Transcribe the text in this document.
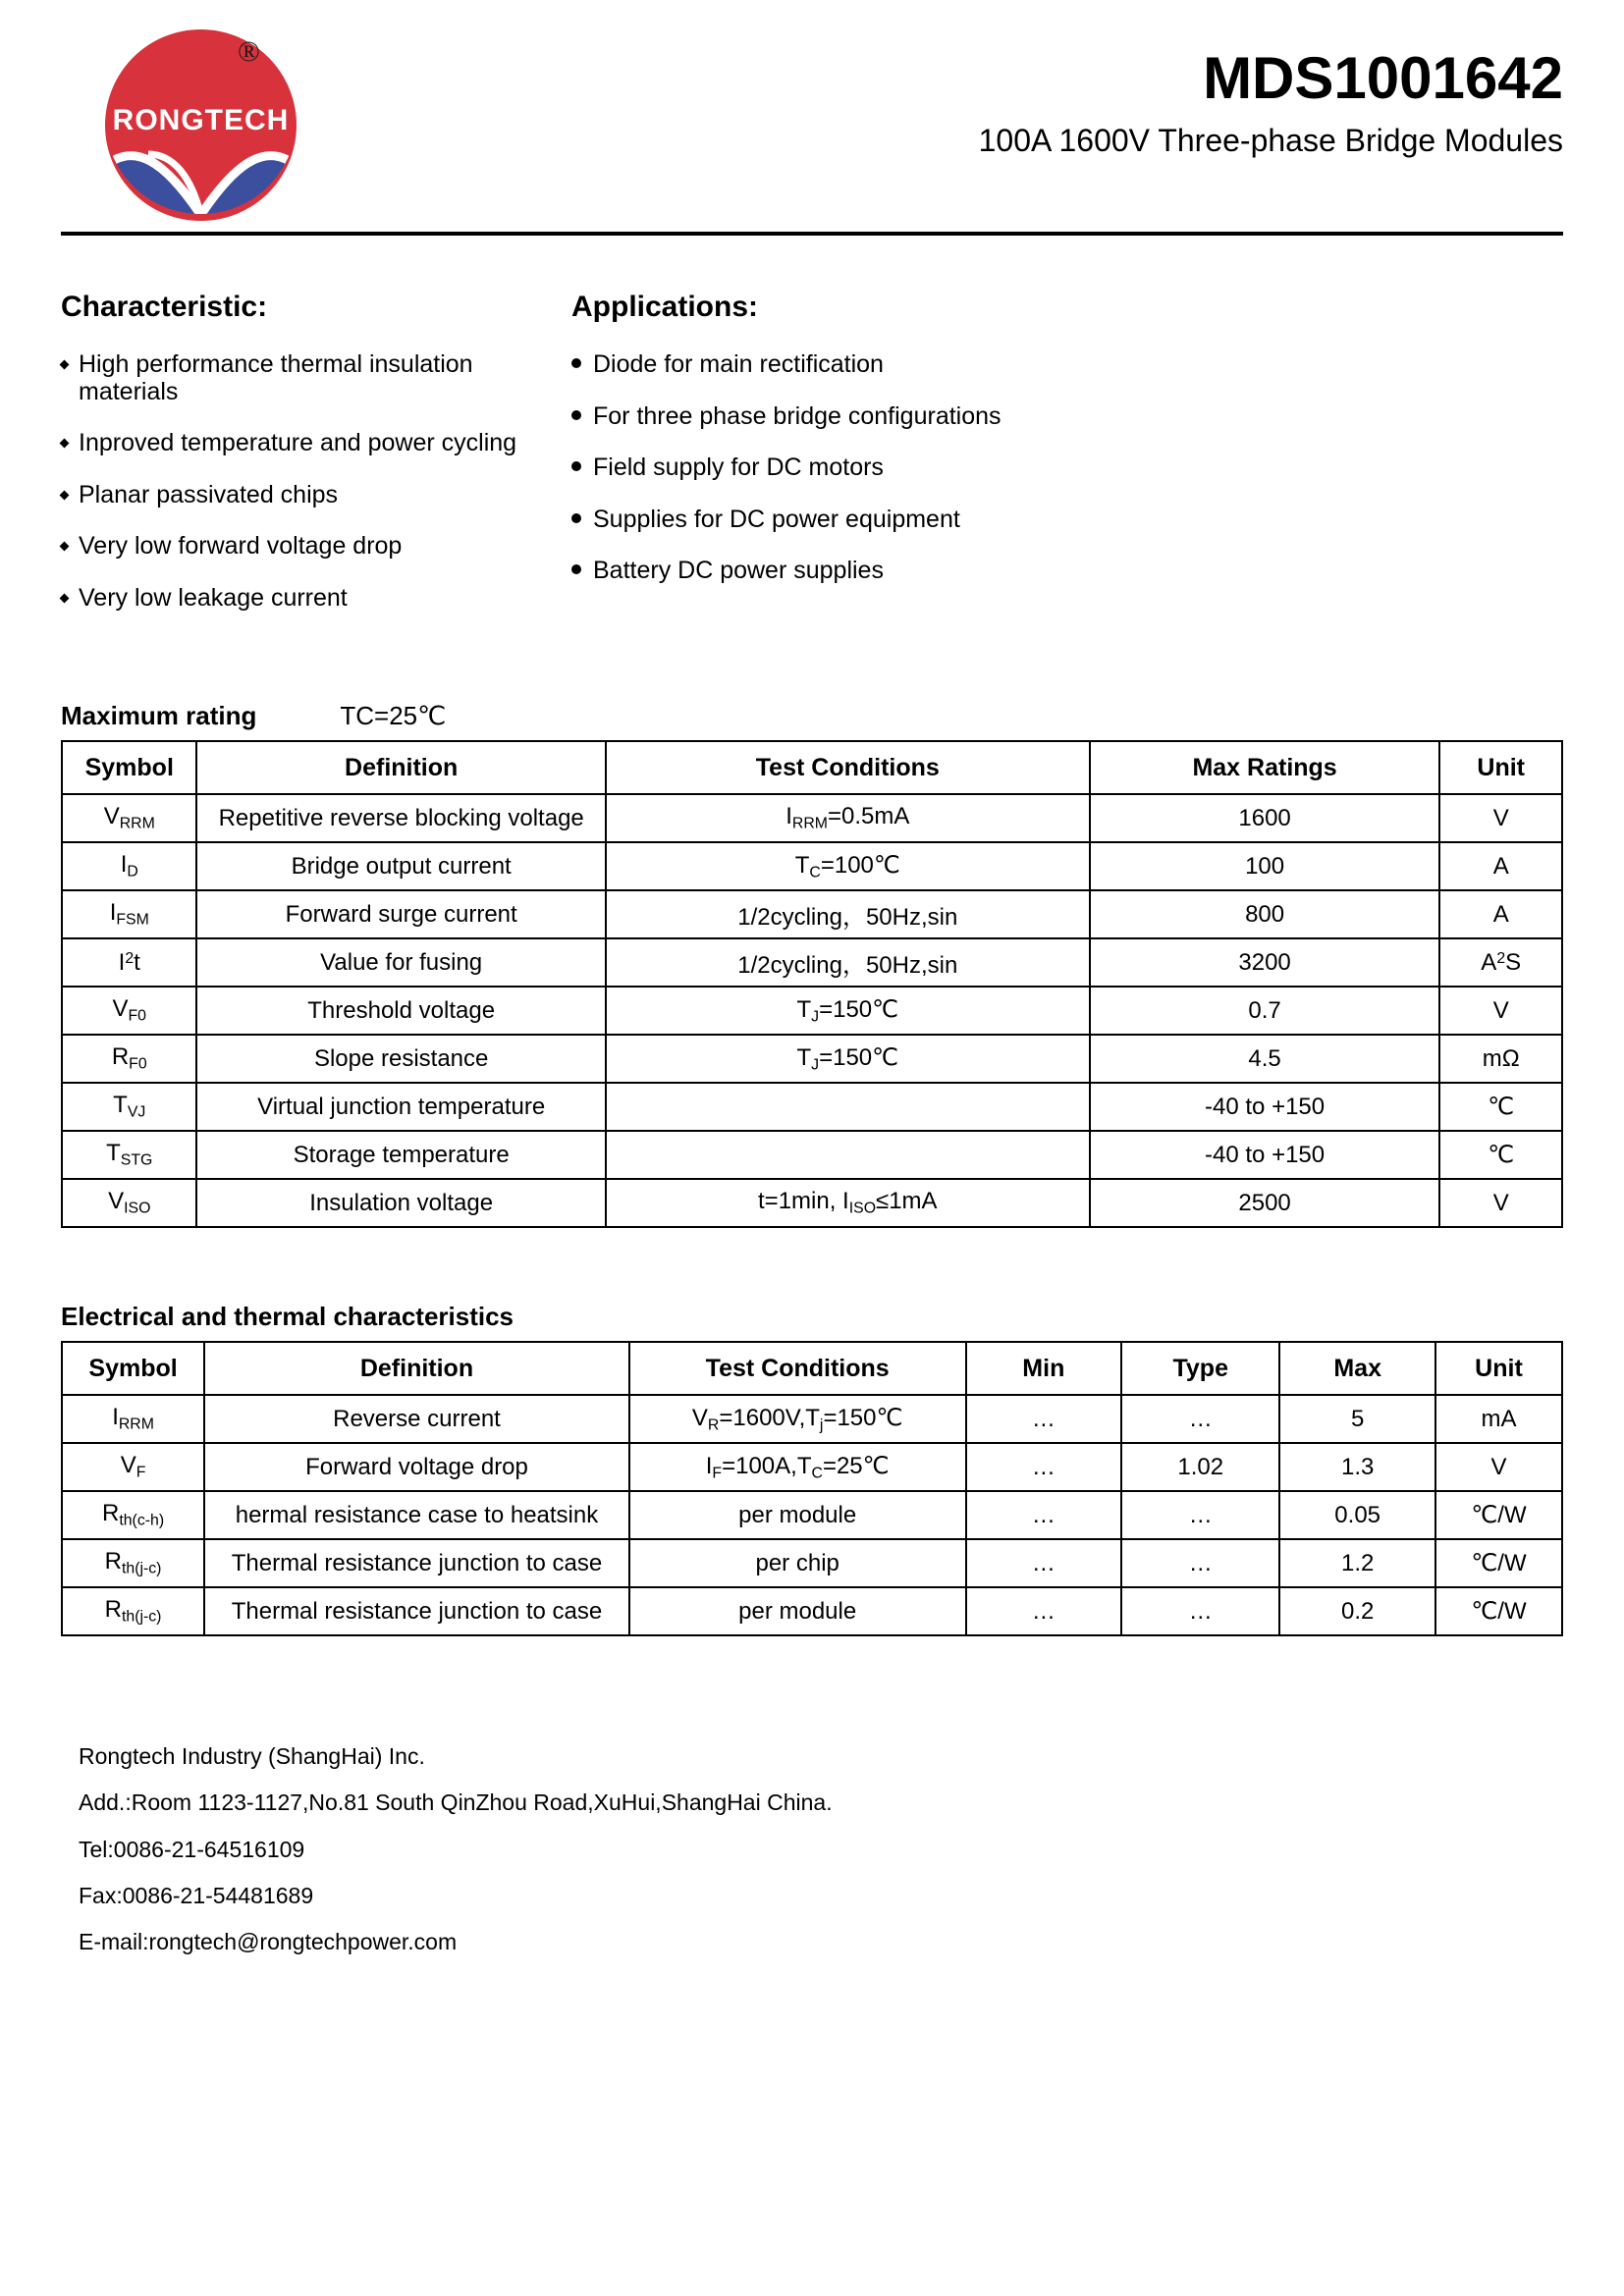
RONGTECH
®	MDS1001642
100A 1600V Three-phase Bridge Modules
Characteristic:
High performance thermal insulation materials
Inproved temperature and power cycling
Planar passivated chips
Very low forward voltage drop
Very low leakage current
Applications:
Diode for main rectification
For three phase bridge configurations
Field supply for DC motors
Supplies for DC power equipment
Battery DC power supplies
Maximum rating	TC=25℃
Symbol	Definition	Test Conditions	Max Ratings	Unit
$V_{RRM}$	Repetitive reverse blocking voltage	$I_{RRM}=0.5mA$	1600	V
$I_D$	Bridge output current	$T_C=100℃$	100	A
$I_{FSM}$	Forward surge current	1/2cycling，50Hz,sin	800	A
$I^2t$	Value for fusing	1/2cycling，50Hz,sin	3200	$A^2S$
$V_{F0}$	Threshold voltage	$T_J=150℃$	0.7	V
$R_{F0}$	Slope resistance	$T_J=150℃$	4.5	mΩ
$T_{VJ}$	Virtual junction temperature		-40 to +150	℃
$T_{STG}$	Storage temperature		-40 to +150	℃
$V_{ISO}$	Insulation voltage	t=1min, $I_{ISO}\le 1mA$	2500	V
Electrical and thermal characteristics
Symbol	Definition	Test Conditions	Min	Type	Max	Unit
$I_{RRM}$	Reverse current	$V_R=1600V,T_j=150℃$	…	…	5	mA
$V_F$	Forward voltage drop	$I_F=100A,T_C=25℃$	…	1.02	1.3	V
$R_{th(c-h)}$	hermal resistance case to heatsink	per module	…	…	0.05	℃/W
$R_{th(j-c)}$	Thermal resistance junction to case	per chip	…	…	1.2	℃/W
$R_{th(j-c)}$	Thermal resistance junction to case	per module	…	…	0.2	℃/W
Rongtech Industry (ShangHai) Inc.
Add.:Room 1123-1127,No.81 South QinZhou Road,XuHui,ShangHai China.
Tel:0086-21-64516109
Fax:0086-21-54481689
E-mail:rongtech@rongtechpower.com
